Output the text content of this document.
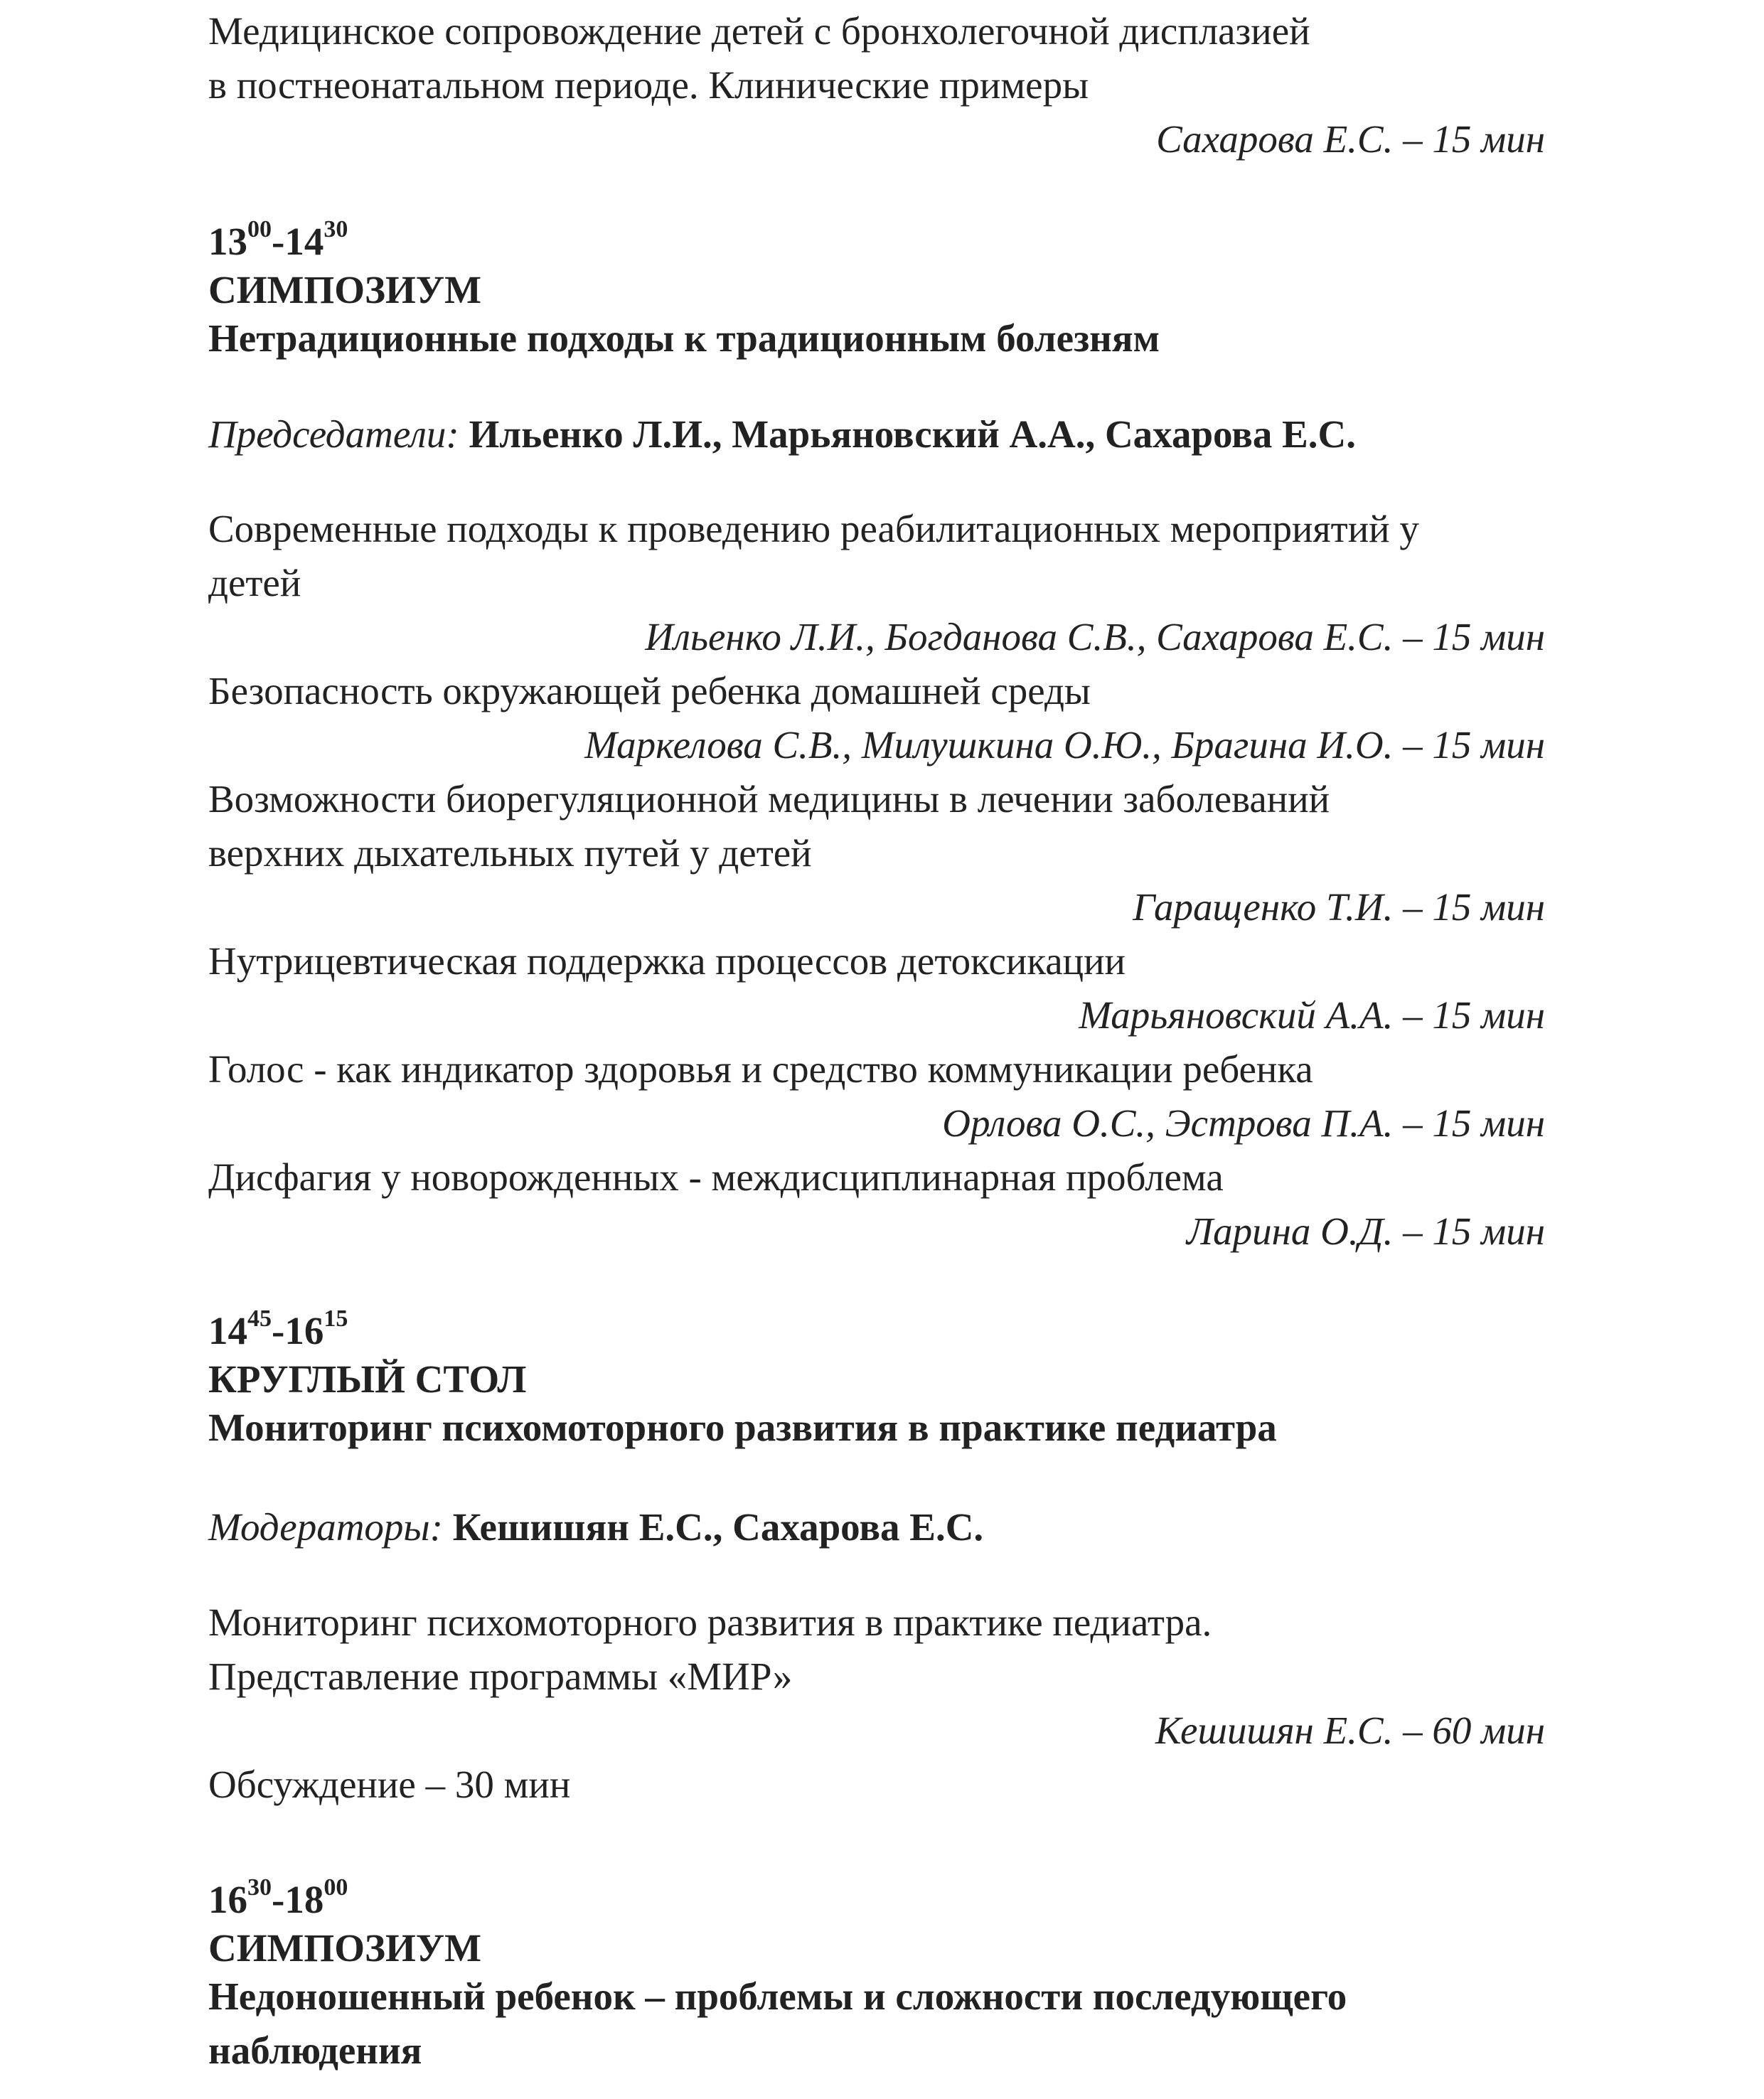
Медицинское сопровождение детей с бронхолегочной дисплазией
в постнеонатальном периоде. Клинические примеры
Сахарова Е.С. – 15 мин
$13^{00}-14^{30}$
СИМПОЗИУМ
Нетрадиционные подходы к традиционным болезням
Председатели: Ильенко Л.И., Марьяновский А.А., Сахарова Е.С.
Современные подходы к проведению реабилитационных мероприятий у
детей
Ильенко Л.И., Богданова С.В., Сахарова Е.С. – 15 мин
Безопасность окружающей ребенка домашней среды
Маркелова С.В., Милушкина О.Ю., Брагина И.О. – 15 мин
Возможности биорегуляционной медицины в лечении заболеваний
верхних дыхательных путей у детей
Гаращенко Т.И. – 15 мин
Нутрицевтическая поддержка процессов детоксикации
Марьяновский А.А. – 15 мин
Голос - как индикатор здоровья и средство коммуникации ребенка
Орлова О.С., Эстрова П.А. – 15 мин
Дисфагия у новорожденных - междисциплинарная проблема
Ларина О.Д. – 15 мин
$14^{45}-16^{15}$
КРУГЛЫЙ СТОЛ
Мониторинг психомоторного развития в практике педиатра
Модераторы: Кешишян Е.С., Сахарова Е.С.
Мониторинг психомоторного развития в практике педиатра.
Представление программы «МИР»
Кешишян Е.С. – 60 мин
Обсуждение – 30 мин
$16^{30}-18^{00}$
СИМПОЗИУМ
Недоношенный ребенок – проблемы и сложности последующего
наблюдения
